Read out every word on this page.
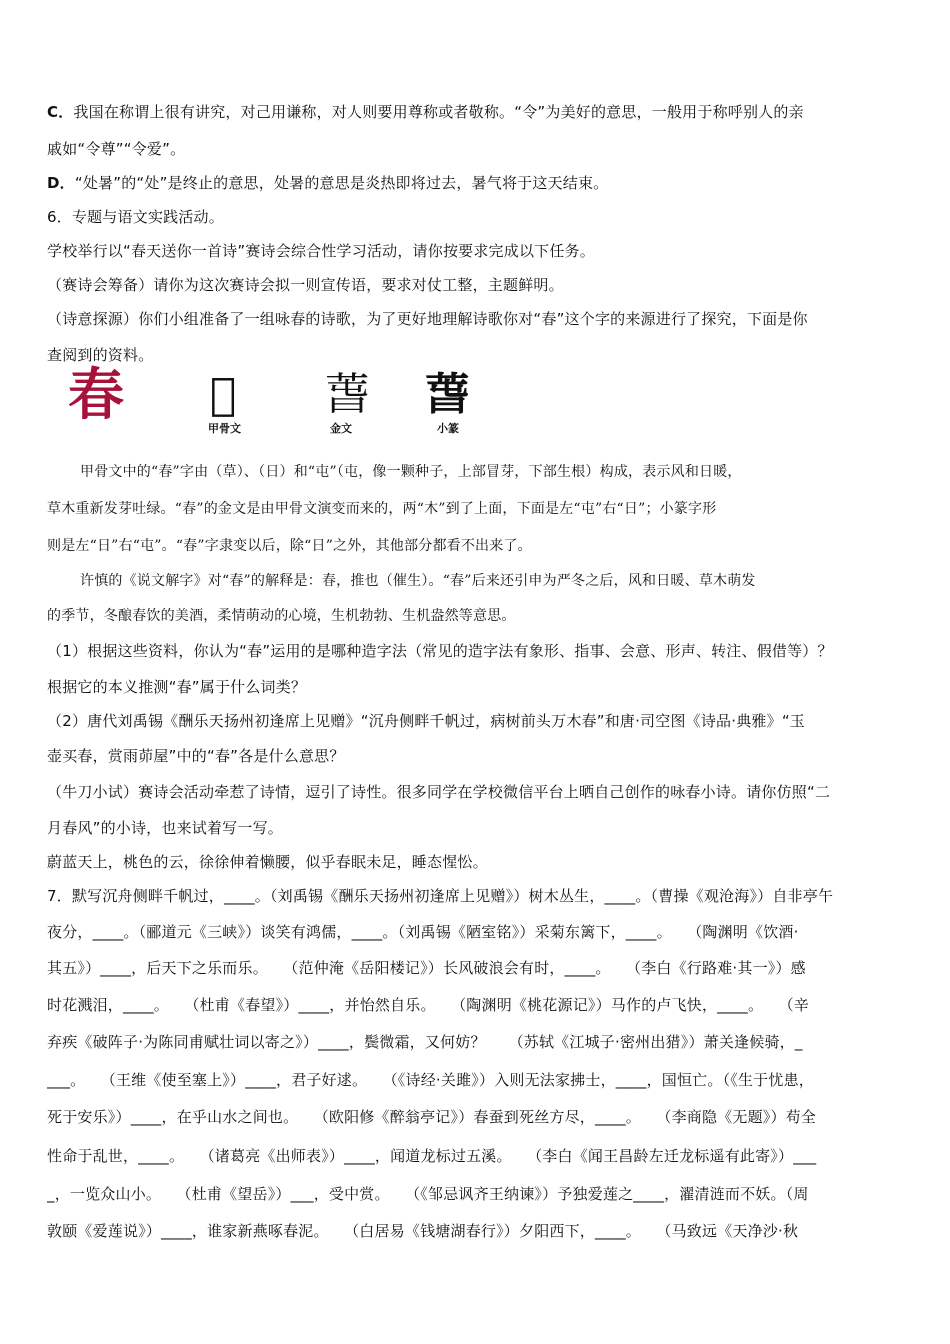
C．我国在称谓上很有讲究，对己用谦称，对人则要用尊称或者敬称。“令”为美好的意思，一般用于称呼别人的亲
戚如“令尊”“令爱”。
D．“处暑”的“处”是终止的意思，处暑的意思是炎热即将过去，暑气将于这天结束。
6．专题与语文实践活动。
学校举行以“春天送你一首诗”赛诗会综合性学习活动，请你按要求完成以下任务。
（赛诗会筹备）请你为这次赛诗会拟一则宣传语，要求对仗工整，主题鲜明。
（诗意探源）你们小组准备了一组咏春的诗歌，为了更好地理解诗歌你对“春”这个字的来源进行了探究，下面是你
查阅到的资料。
春 𣌢 萅 萅
甲骨文	金文	小篆
甲骨文中的“春”字由（草）、（日）和“屯”（屯，像一颗种子，上部冒芽，下部生根）构成，表示风和日暖，
草木重新发芽吐绿。“春”的金文是由甲骨文演变而来的，两“木”到了上面，下面是左“屯”右“日”；小篆字形
则是左“日”右“屯”。“春”字隶变以后，除“日”之外，其他部分都看不出来了。
许慎的《说文解字》对“春”的解释是：春，推也（催生）。“春”后来还引申为严冬之后，风和日暖、草木萌发
的季节，冬酿春饮的美酒，柔情萌动的心境，生机勃勃、生机盎然等意思。
（1）根据这些资料，你认为“春”运用的是哪种造字法（常见的造字法有象形、指事、会意、形声、转注、假借等）？
根据它的本义推测“春”属于什么词类？
（2）唐代刘禹锡《酬乐天扬州初逢席上见赠》“沉舟侧畔千帆过，病树前头万木春”和唐·司空图《诗品·典雅》“玉
壶买春，赏雨茆屋”中的“春”各是什么意思？
（牛刀小试）赛诗会活动牵惹了诗情，逗引了诗性。很多同学在学校微信平台上晒自己创作的咏春小诗。请你仿照“二
月春风”的小诗，也来试着写一写。
蔚蓝天上，桃色的云，徐徐伸着懒腰，似乎春眠未足，睡态惺忪。
7．默写沉舟侧畔千帆过，____。（刘禹锡《酬乐天扬州初逢席上见赠》）树木丛生，____。（曹操《观沧海》）自非亭午
夜分，____。（郦道元《三峡》）谈笑有鸿儒，____。（刘禹锡《陋室铭》）采菊东篱下，____。　　（陶渊明《饮酒·
其五》）____，后天下之乐而乐。　　（范仲淹《岳阳楼记》）长风破浪会有时，____。　　（李白《行路难·其一》）感
时花溅泪，____。　　（杜甫《春望》）____，并怡然自乐。　　（陶渊明《桃花源记》）马作的卢飞快，____。　　（辛
弃疾《破阵子·为陈同甫赋壮词以寄之》）____，鬓微霜，又何妨？　　（苏轼《江城子·密州出猎》）萧关逢候骑，_
___。　　（王维《使至塞上》）____，君子好逑。　　（《诗经·关雎》）入则无法家拂士，____，国恒亡。（《生于忧患，
死于安乐》）____，在乎山水之间也。　　（欧阳修《醉翁亭记》）春蚕到死丝方尽，____。　　（李商隐《无题》）苟全
性命于乱世，____。　　（诸葛亮《出师表》）____，闻道龙标过五溪。　　（李白《闻王昌龄左迁龙标遥有此寄》）___
_，一览众山小。　　（杜甫《望岳》）___，受中赏。　　（《邹忌讽齐王纳谏》）予独爱莲之____，濯清涟而不妖。（周
敦颐《爱莲说》）____，谁家新燕啄春泥。　　（白居易《钱塘湖春行》）夕阳西下，____。　　（马致远《天净沙·秋
